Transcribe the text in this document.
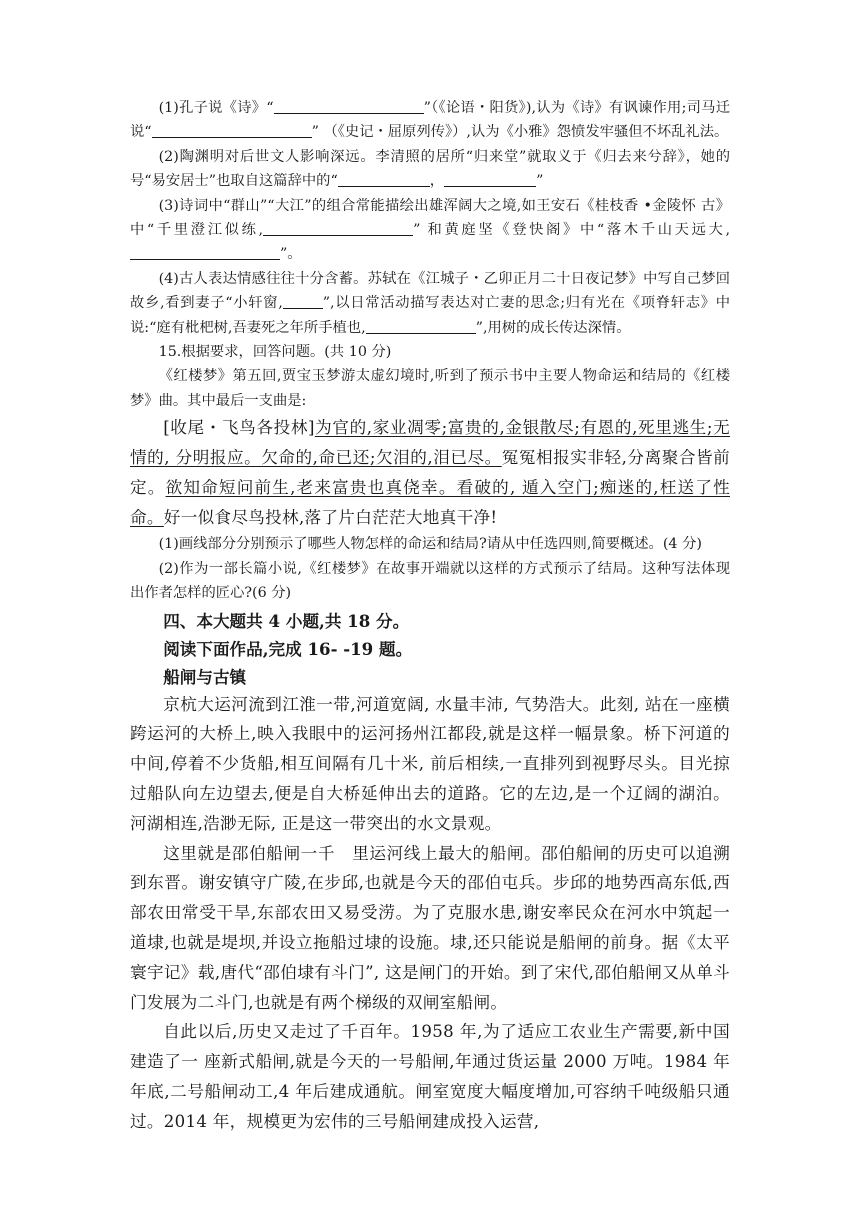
(1)孔子说《诗》“	”（《论语・阳货》),认为《诗》有讽谏作用;司马迁说“	” （《史记・屈原列传》）,认为《小雅》怨愤发牢骚但不坏乱礼法。

(2)陶渊明对后世文人影响深远。李清照的居所“归来堂”就取义于《归去来兮辞》，她的号“易安居士”也取自这篇辞中的“	，	”

(3)诗词中“群山”“大江”的组合常能描绘出雄浑阔大之境,如王安石《桂枝香 •金陵怀 古》中“千里澄江似练,	” 和黄庭坚《登快阁》中“落木千山天远大,”。

(4)古人表达情感往往十分含蓄。苏轼在《江城子・乙卯正月二十日夜记梦》中写自己梦回故乡,看到妻子“小轩窗,	”,以日常活动描写表达对亡妻的思念;归有光在《项脊轩志》中说:“庭有枇杷树,吾妻死之年所手植也,	”,用树的成长传达深情。

15.根据要求，回答问题。(共 10 分)

《红楼梦》第五回,贾宝玉梦游太虚幻境时,听到了预示书中主要人物命运和结局的《红楼梦》曲。其中最后一支曲是:

[收尾・飞鸟各投林]为官的,家业凋零;富贵的,金银散尽;有恩的,死里逃生;无情的, 分明报应。欠命的,命已还;欠泪的,泪已尽。冤冤相报实非轻,分离聚合皆前定。欲知命短问前生,老来富贵也真侥幸。看破的, 遁入空门;痴迷的,枉送了性命。好一似食尽鸟投林,落了片白茫茫大地真干净!

(1)画线部分分别预示了哪些人物怎样的命运和结局?请从中任选四则,简要概述。(4 分)

(2)作为一部长篇小说,《红楼梦》在故事开端就以这样的方式预示了结局。这种写法体现 出作者怎样的匠心?(6 分)

四、本大题共 4 小题,共 18 分。

阅读下面作品,完成 16- -19 题。

船闸与古镇

京杭大运河流到江淮一带,河道宽阔, 水量丰沛, 气势浩大。此刻, 站在一座横跨运河的大桥上,映入我眼中的运河扬州江都段,就是这样一幅景象。桥下河道的中间,停着不少货船,相互间隔有几十米, 前后相续,一直排列到视野尽头。目光掠过船队向左边望去,便是自大桥延伸出去的道路。它的左边,是一个辽阔的湖泊。河湖相连,浩渺无际, 正是这一带突出的水文景观。

这里就是邵伯船闸一千　里运河线上最大的船闸。邵伯船闸的历史可以追溯到东晋。谢安镇守广陵,在步邱,也就是今天的邵伯屯兵。步邱的地势西高东低,西部农田常受干旱,东部农田又易受涝。为了克服水患,谢安率民众在河水中筑起一道埭,也就是堤坝,并设立拖船过埭的设施。埭,还只能说是船闸的前身。据《太平寰宇记》载,唐代“邵伯埭有斗门”, 这是闸门的开始。到了宋代,邵伯船闸又从单斗门发展为二斗门,也就是有两个梯级的双闸室船闸。

自此以后,历史又走过了千百年。1958 年,为了适应工农业生产需要,新中国建造了一 座新式船闸,就是今天的一号船闸,年通过货运量 2000 万吨。1984 年年底,二号船闸动工,4 年后建成通航。闸室宽度大幅度增加,可容纳千吨级船只通过。2014 年，规模更为宏伟的三号船闸建成投入运营,
